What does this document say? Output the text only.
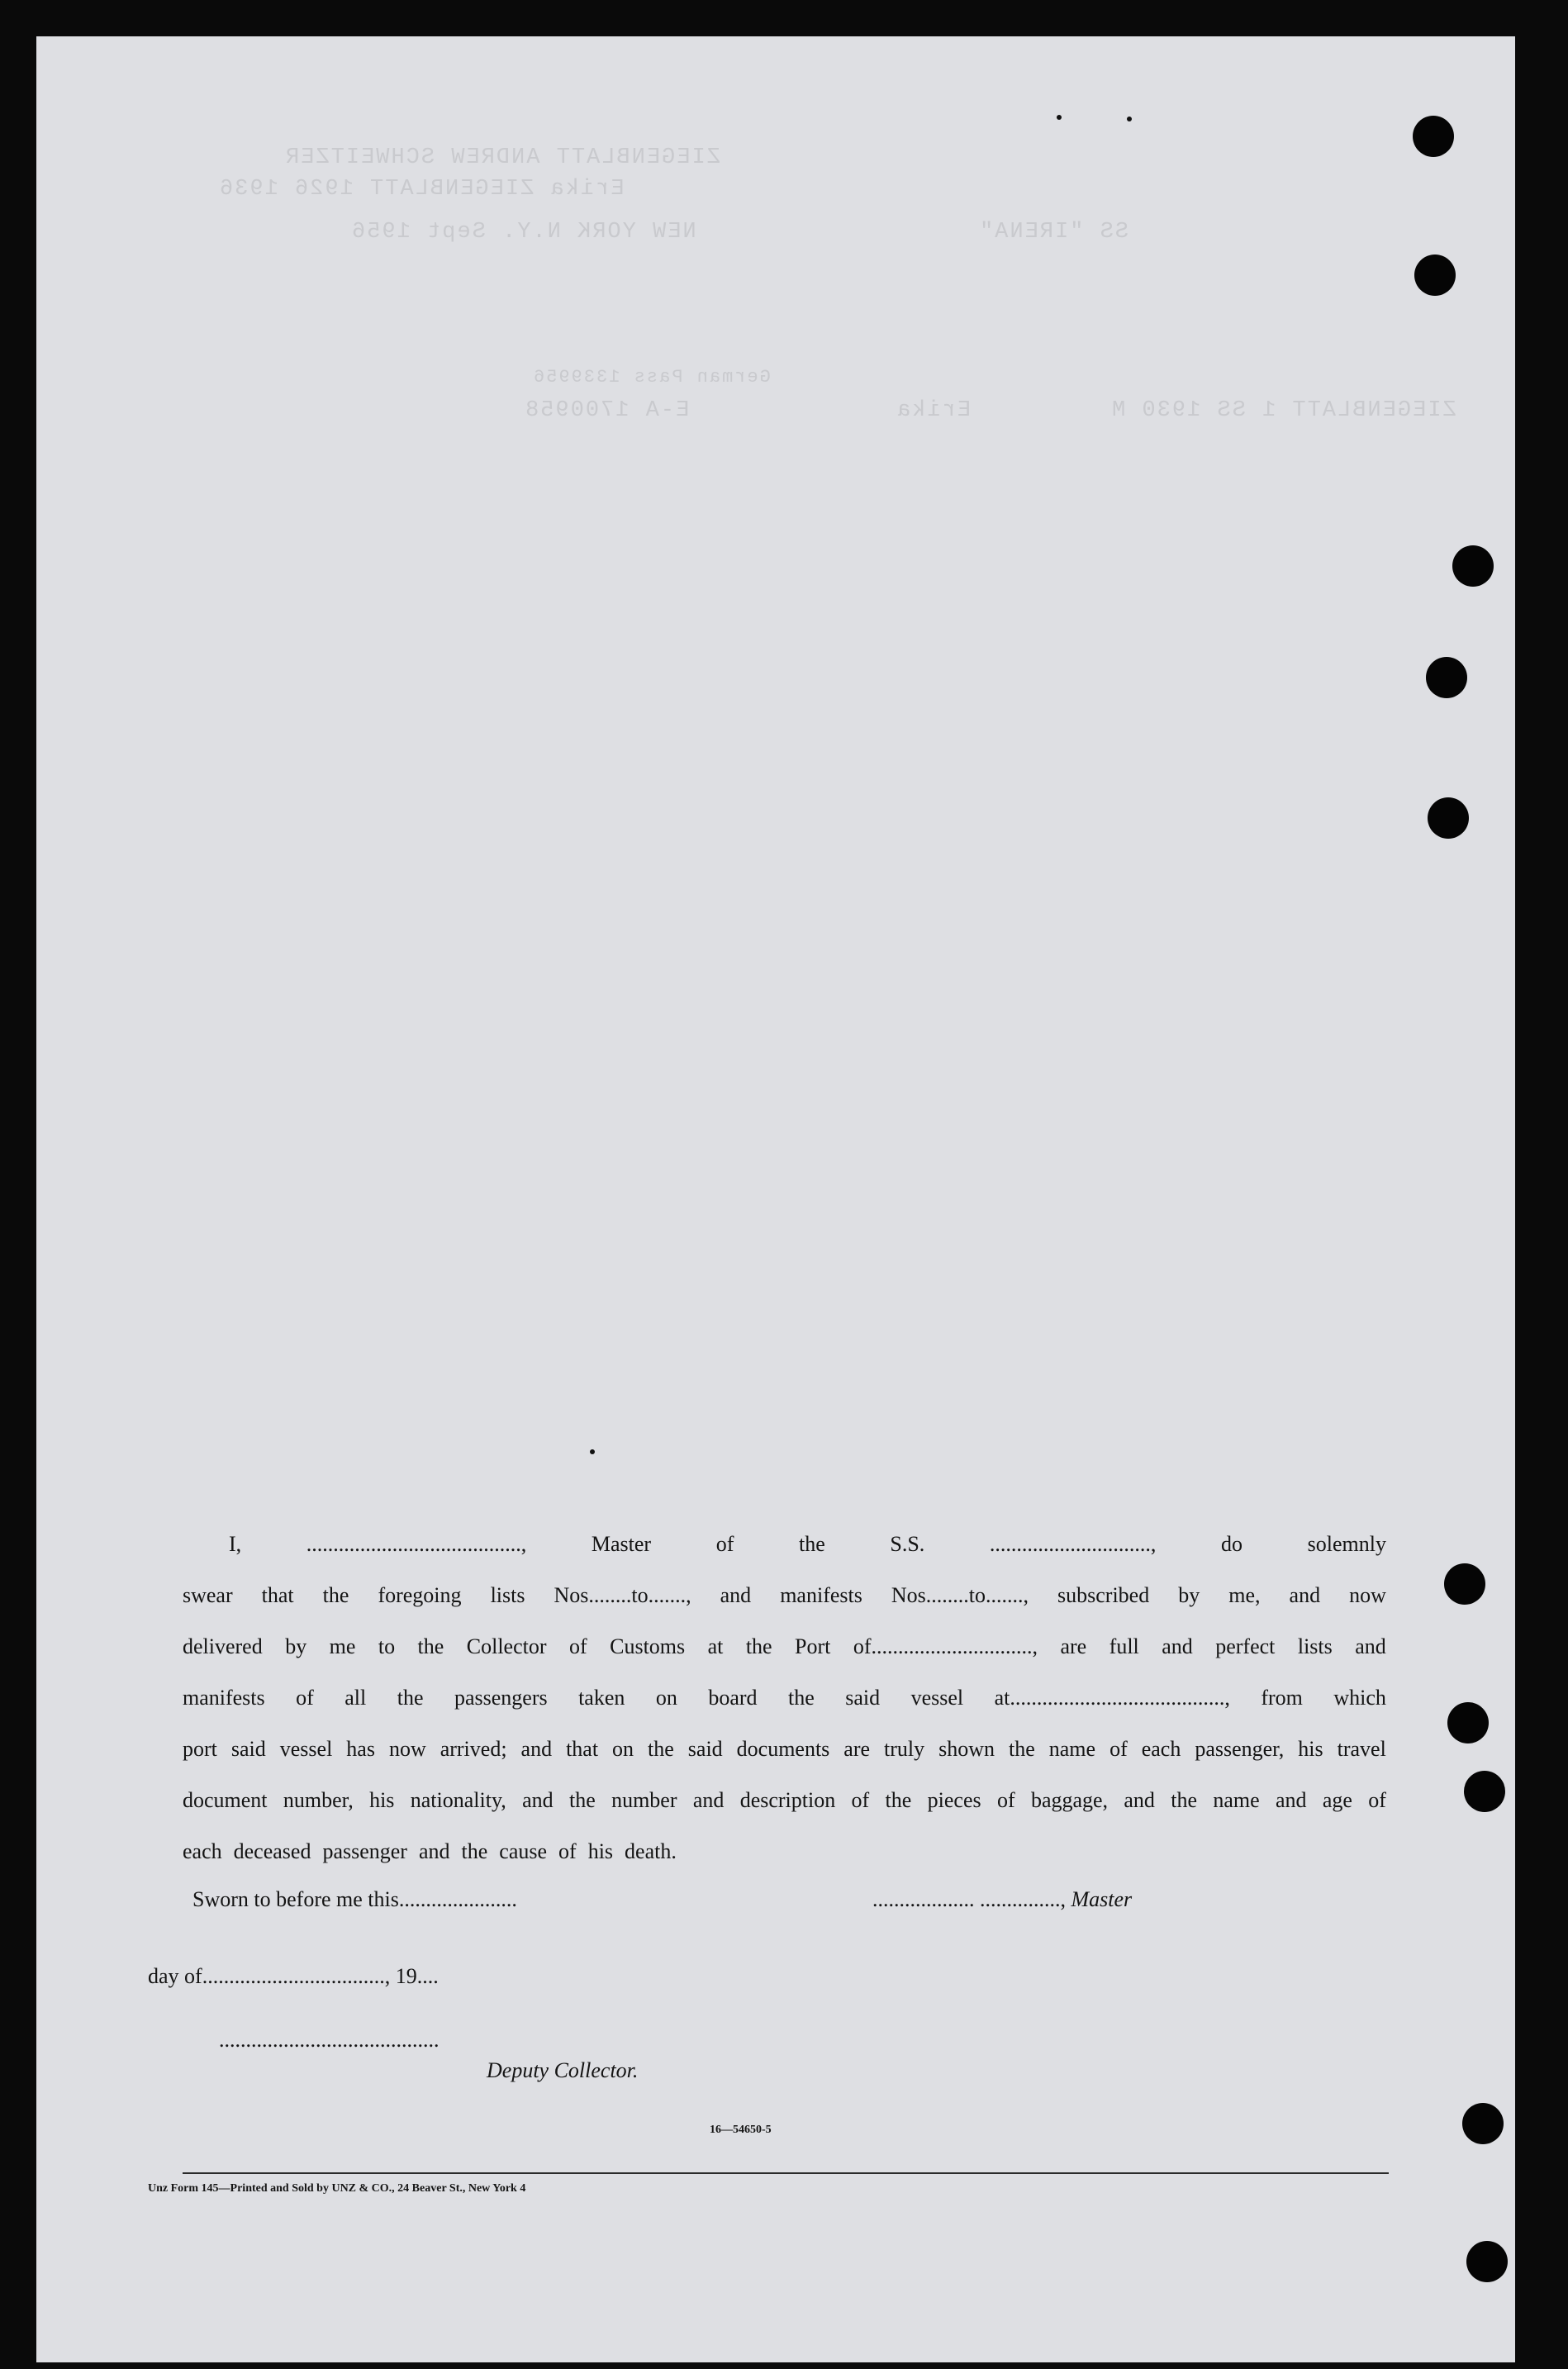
ZIEGENBLATT ANDREW SCHWEITZER
Erika ZIEGENBLATT 1926 1936
NEW YORK N.Y. Sept 1956	SS "IRENA"
German Pass 1339956
E-A 1700958	Erika	ZIEGENBLATT 1 SS 1930 M
I,	........................................,	Master	of	the	S.S.	..............................,	do	solemnly
swear that the foregoing lists Nos........to......., and manifests Nos........to......., subscribed by me, and now
delivered by me to the Collector of Customs at the Port of.............................., are full and perfect lists and
manifests of all the passengers taken on board the said vessel at........................................, from which
port said vessel has now arrived; and that on the said documents are truly shown the name of each passenger, his travel
document number, his nationality, and the number and description of the pieces of baggage, and the name and age of
each deceased passenger and the cause of his death.
Sworn to before me this......................	................... ..............., Master
day of.................................., 19....
.........................................
Deputy Collector.
16—54650-5
Unz Form 145—Printed and Sold by UNZ & CO., 24 Beaver St., New York 4
